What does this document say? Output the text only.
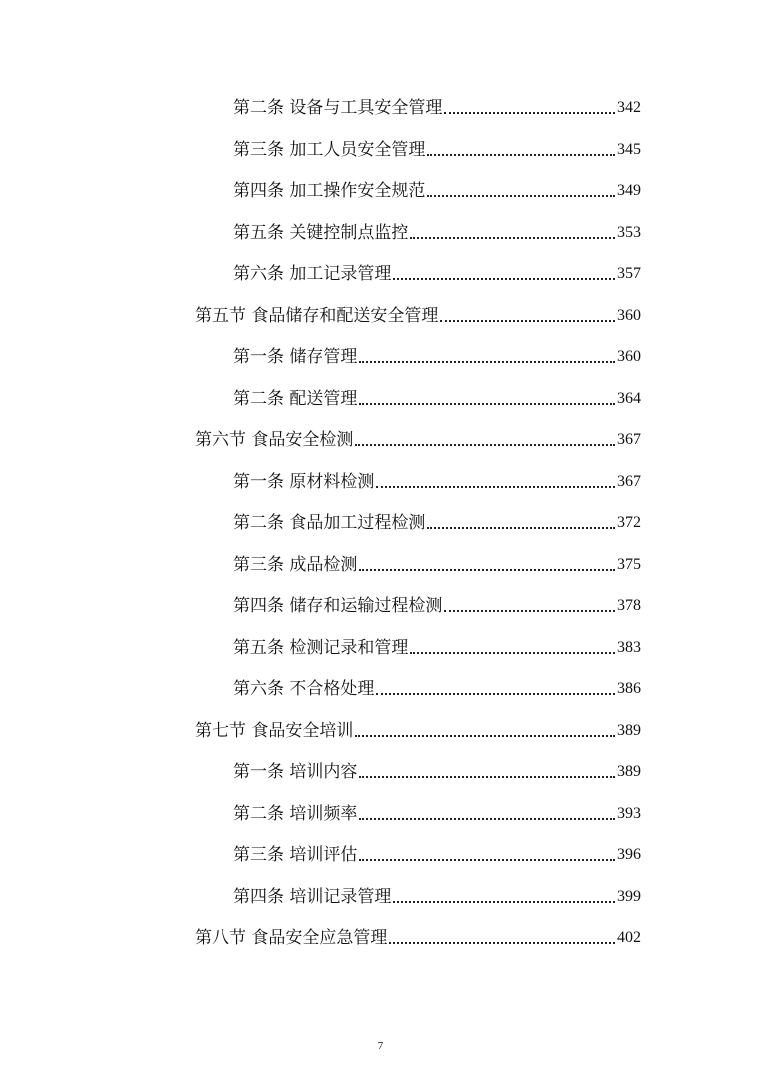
第二条 设备与工具安全管理	342
第三条 加工人员安全管理	345
第四条 加工操作安全规范	349
第五条 关键控制点监控	353
第六条 加工记录管理	357
第五节 食品储存和配送安全管理	360
第一条 储存管理	360
第二条 配送管理	364
第六节 食品安全检测	367
第一条 原材料检测	367
第二条 食品加工过程检测	372
第三条 成品检测	375
第四条 储存和运输过程检测	378
第五条 检测记录和管理	383
第六条 不合格处理	386
第七节 食品安全培训	389
第一条 培训内容	389
第二条 培训频率	393
第三条 培训评估	396
第四条 培训记录管理	399
第八节 食品安全应急管理	402
7
